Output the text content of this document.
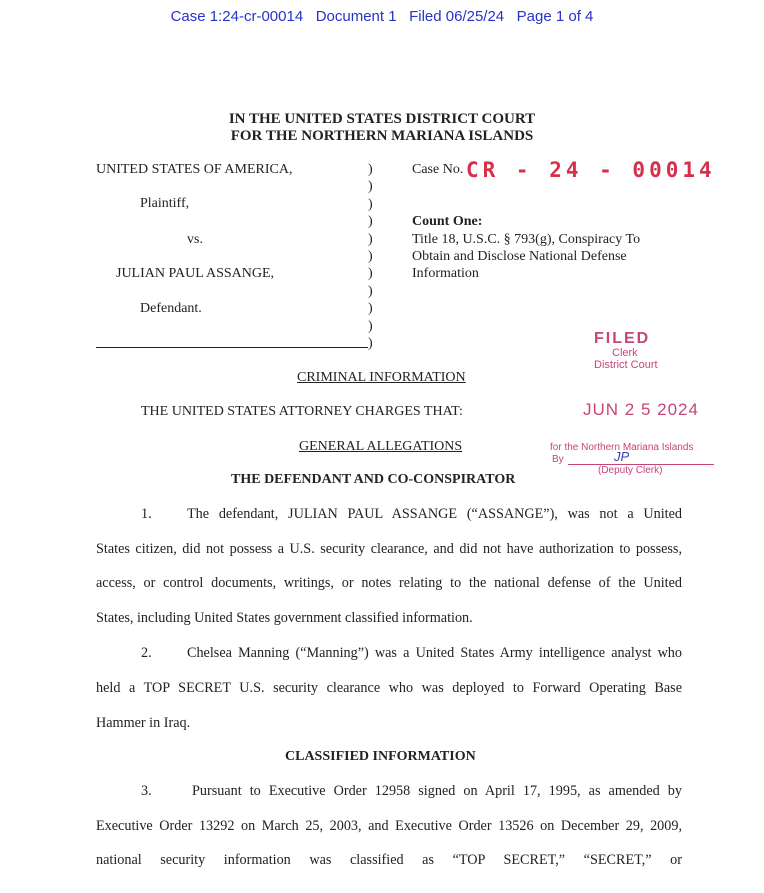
Case 1:24-cr-00014 Document 1 Filed 06/25/24 Page 1 of 4
IN THE UNITED STATES DISTRICT COURT
FOR THE NORTHERN MARIANA ISLANDS
UNITED STATES OF AMERICA,
Plaintiff,
vs.
JULIAN PAUL ASSANGE,
Defendant.
)
)
)
)
)
)
)
)
)
)
)
Case No. CR - 24 - 00014
Count One:
Title 18, U.S.C. § 793(g), Conspiracy To
Obtain and Disclose National Defense
Information
FILED
Clerk
District Court
JUN 2 5 2024
for the Northern Mariana Islands
By	JP
(Deputy Clerk)
CRIMINAL INFORMATION
THE UNITED STATES ATTORNEY CHARGES THAT:
GENERAL ALLEGATIONS
THE DEFENDANT AND CO-CONSPIRATOR
1. The defendant, JULIAN PAUL ASSANGE (“ASSANGE”), was not a United
States citizen, did not possess a U.S. security clearance, and did not have authorization to possess,
access, or control documents, writings, or notes relating to the national defense of the United
States, including United States government classified information.
2. Chelsea Manning (“Manning”) was a United States Army intelligence analyst who
held a TOP SECRET U.S. security clearance who was deployed to Forward Operating Base
Hammer in Iraq.
CLASSIFIED INFORMATION
3.	Pursuant to Executive Order 12958 signed on April 17, 1995, as amended by
Executive Order 13292 on March 25, 2003, and Executive Order 13526 on December 29, 2009,
national security information was classified as “TOP SECRET,” “SECRET,” or
